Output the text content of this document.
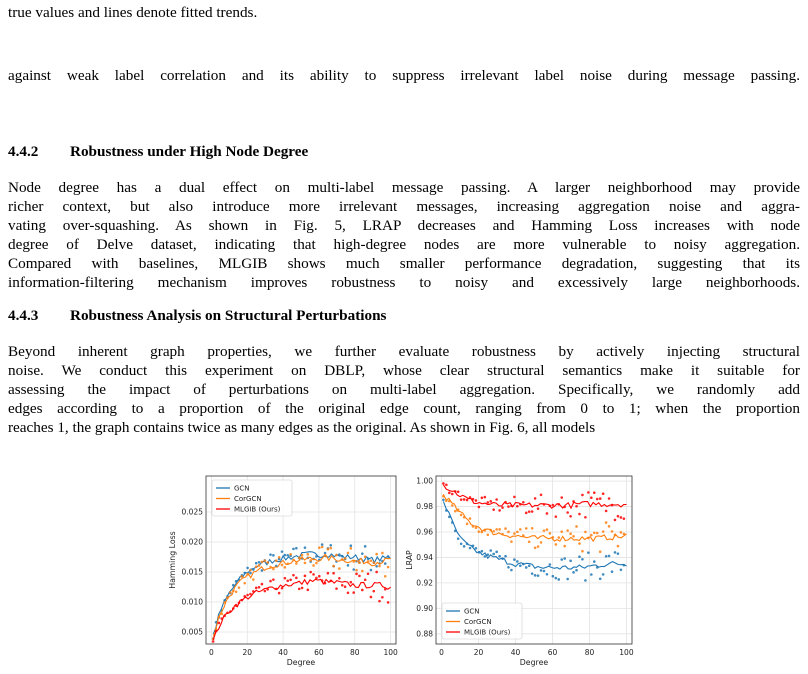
true values and lines denote fitted trends.
against weak label correlation and its ability to suppress irrelevant label noise during message passing.
4.4.2 Robustness under High Node Degree
Node degree has a dual effect on multi-label message passing. A larger neighborhood may provide
richer context, but also introduce more irrelevant messages, increasing aggregation noise and aggra-
vating over-squashing. As shown in Fig. 5, LRAP decreases and Hamming Loss increases with node
degree of Delve dataset, indicating that high-degree nodes are more vulnerable to noisy aggregation.
Compared with baselines, MLGIB shows much smaller performance degradation, suggesting that its
information-filtering mechanism improves robustness to noisy and excessively large neighborhoods.
4.4.3 Robustness Analysis on Structural Perturbations
Beyond inherent graph properties, we further evaluate robustness by actively injecting structural
noise. We conduct this experiment on DBLP, whose clear structural semantics make it suitable for
assessing the impact of perturbations on multi-label aggregation. Specifically, we randomly add
edges according to a proportion of the original edge count, ranging from 0 to 1; when the proportion
reaches 1, the graph contains twice as many edges as the original. As shown in Fig. 6, all models
0	20	40	60	80	100
0.005
0.010
0.015
0.020
0.025
Degree
Hamming Loss
GCN
CorGCN
MLGIB (Ours)
0	20	40	60	80	100
0.88
0.90
0.92
0.94
0.96
0.98
1.00
Degree
LRAP
GCN
CorGCN
MLGIB (Ours)
